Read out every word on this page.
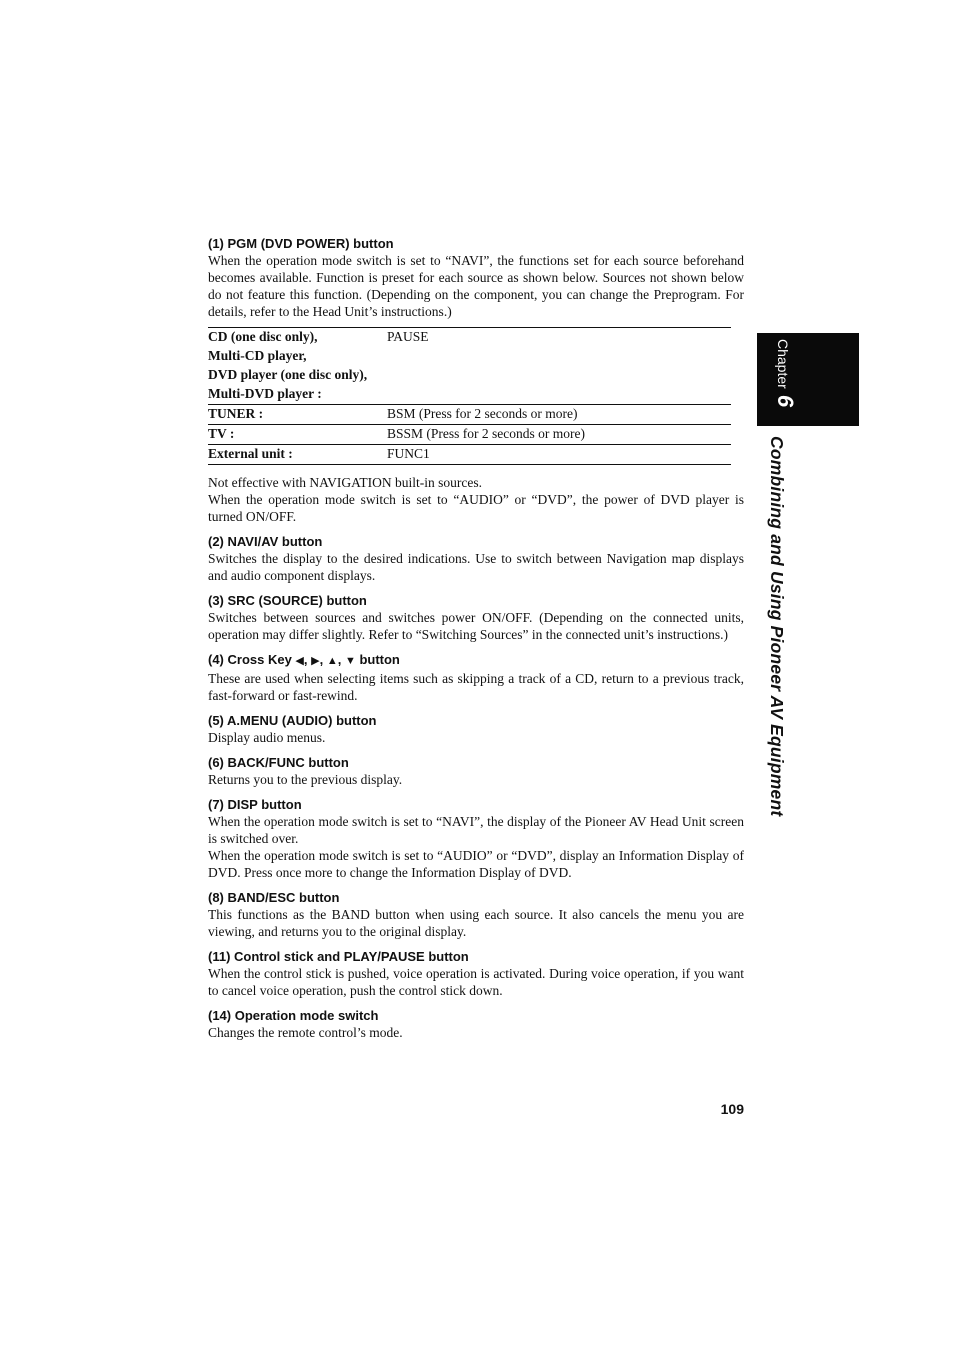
(1) PGM (DVD POWER) button

When the operation mode switch is set to “NAVI”, the functions set for each source beforehand becomes available. Function is preset for each source as shown below. Sources not shown below do not feature this function. (Depending on the component, you can change the Preprogram. For details, refer to the Head Unit’s instructions.)

CD (one disc only),	PAUSE
Multi-CD player,	
DVD player (one disc only),	
Multi-DVD player :	
TUNER :	BSM (Press for 2 seconds or more)
TV :	BSSM (Press for 2 seconds or more)
External unit :	FUNC1

Not effective with NAVIGATION built-in sources.

When the operation mode switch is set to “AUDIO” or “DVD”, the power of DVD player is turned ON/OFF.

(2) NAVI/AV button

Switches the display to the desired indications. Use to switch between Navigation map displays and audio component displays.

(3) SRC (SOURCE) button

Switches between sources and switches power ON/OFF. (Depending on the connected units, operation may differ slightly. Refer to “Switching Sources” in the connected unit’s instructions.)

(4) Cross Key ◀, ▶, ▲, ▼ button

These are used when selecting items such as skipping a track of a CD, return to a previous track, fast-forward or fast-rewind.

(5) A.MENU (AUDIO) button

Display audio menus.

(6) BACK/FUNC button

Returns you to the previous display.

(7) DISP button

When the operation mode switch is set to “NAVI”, the display of the Pioneer AV Head Unit screen is switched over.

When the operation mode switch is set to “AUDIO” or “DVD”, display an Information Display of DVD. Press once more to change the Information Display of DVD.

(8) BAND/ESC button

This functions as the BAND button when using each source. It also cancels the menu you are viewing, and returns you to the original display.

(11) Control stick and PLAY/PAUSE button

When the control stick is pushed, voice operation is activated. During voice operation, if you want to cancel voice operation, push the control stick down.

(14) Operation mode switch

Changes the remote control’s mode.

Chapter
6
Combining and Using Pioneer AV Equipment
109
